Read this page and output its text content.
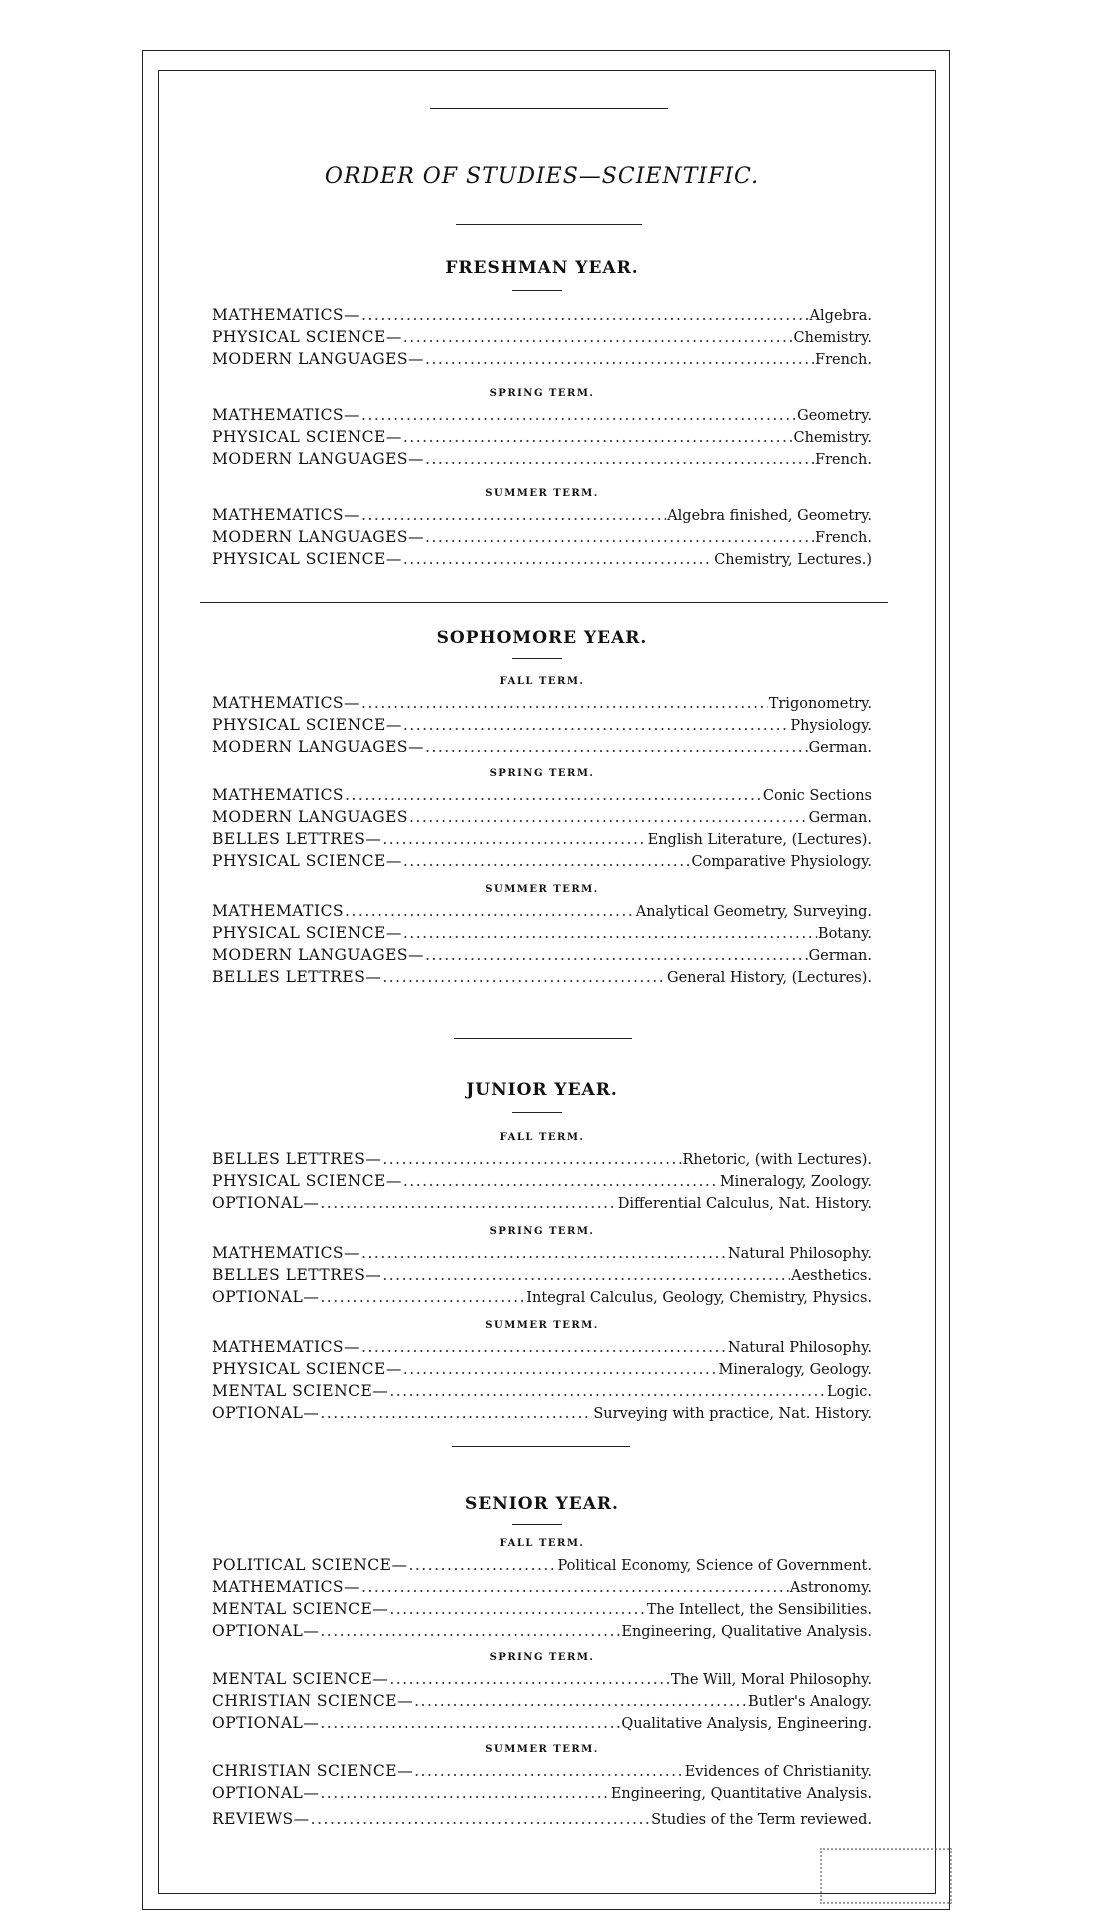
ORDER OF STUDIES—SCIENTIFIC.
FRESHMAN YEAR.
MATHEMATICS— .....	Algebra.
PHYSICAL SCIENCE— .....	Chemistry.
MODERN LANGUAGES— .....	French.
SPRING TERM.
MATHEMATICS— .....	Geometry.
PHYSICAL SCIENCE— .....	Chemistry.
MODERN LANGUAGES— .....	French.
SUMMER TERM.
MATHEMATICS— .....	Algebra finished, Geometry.
MODERN LANGUAGES— .....	French.
PHYSICAL SCIENCE— .....	Chemistry, Lectures.)
SOPHOMORE YEAR.
FALL TERM.
MATHEMATICS— .....	Trigonometry.
PHYSICAL SCIENCE— .....	Physiology.
MODERN LANGUAGES— .....	German.
SPRING TERM.
MATHEMATICS .....	Conic Sections
MODERN LANGUAGES .....	German.
BELLES LETTRES— .....	English Literature, (Lectures).
PHYSICAL SCIENCE— .....	Comparative Physiology.
SUMMER TERM.
MATHEMATICS .....	Analytical Geometry, Surveying.
PHYSICAL SCIENCE— .....	Botany.
MODERN LANGUAGES— .....	German.
BELLES LETTRES— .....	General History, (Lectures).
JUNIOR YEAR.
FALL TERM.
BELLES LETTRES— .....	Rhetoric, (with Lectures).
PHYSICAL SCIENCE— .....	Mineralogy, Zoology.
OPTIONAL— .....	Differential Calculus, Nat. History.
SPRING TERM.
MATHEMATICS— .....	Natural Philosophy.
BELLES LETTRES— .....	Aesthetics.
OPTIONAL— .....	Integral Calculus, Geology, Chemistry, Physics.
SUMMER TERM.
MATHEMATICS— .....	Natural Philosophy.
PHYSICAL SCIENCE— .....	Mineralogy, Geology.
MENTAL SCIENCE— .....	Logic.
OPTIONAL— .....	Surveying with practice, Nat. History.
SENIOR YEAR.
FALL TERM.
POLITICAL SCIENCE— .....	Political Economy, Science of Government.
MATHEMATICS— .....	Astronomy.
MENTAL SCIENCE— .....	The Intellect, the Sensibilities.
OPTIONAL— .....	Engineering, Qualitative Analysis.
SPRING TERM.
MENTAL SCIENCE— .....	The Will, Moral Philosophy.
CHRISTIAN SCIENCE— .....	Butler's Analogy.
OPTIONAL— .....	Qualitative Analysis, Engineering.
SUMMER TERM.
CHRISTIAN SCIENCE— .....	Evidences of Christianity.
OPTIONAL— .....	Engineering, Quantitative Analysis.
REVIEWS— .....	Studies of the Term reviewed.
